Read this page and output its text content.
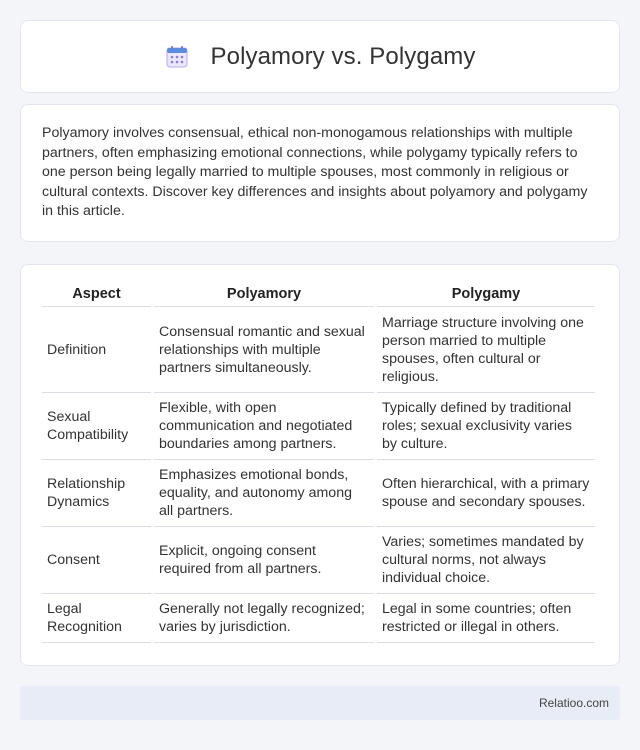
Polyamory vs. Polygamy

Polyamory involves consensual, ethical non-monogamous relationships with multiple partners, often emphasizing emotional connections, while polygamy typically refers to one person being legally married to multiple spouses, most commonly in religious or cultural contexts. Discover key differences and insights about polyamory and polygamy in this article.

Aspect	Polyamory	Polygamy
Definition	Consensual romantic and sexual relationships with multiple partners simultaneously.	Marriage structure involving one person married to multiple spouses, often cultural or religious.
Sexual Compatibility	Flexible, with open communication and negotiated boundaries among partners.	Typically defined by traditional roles; sexual exclusivity varies by culture.
Relationship Dynamics	Emphasizes emotional bonds, equality, and autonomy among all partners.	Often hierarchical, with a primary spouse and secondary spouses.
Consent	Explicit, ongoing consent required from all partners.	Varies; sometimes mandated by cultural norms, not always individual choice.
Legal Recognition	Generally not legally recognized; varies by jurisdiction.	Legal in some countries; often restricted or illegal in others.
Relatioo.com
